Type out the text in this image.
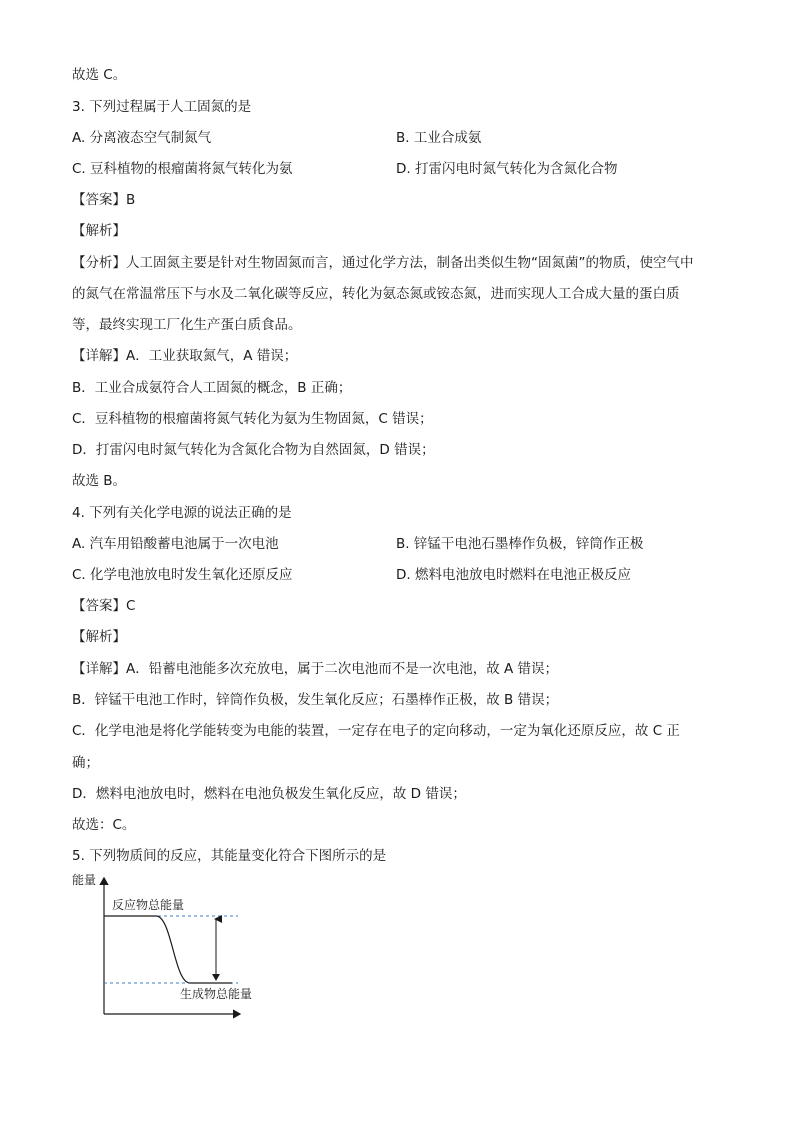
故选 C。
3. 下列过程属于人工固氮的是
A. 分离液态空气制氮气	B. 工业合成氨
C. 豆科植物的根瘤菌将氮气转化为氨	D. 打雷闪电时氮气转化为含氮化合物
【答案】B
【解析】
【分析】人工固氮主要是针对生物固氮而言，通过化学方法，制备出类似生物“固氮菌”的物质，使空气中
的氮气在常温常压下与水及二氧化碳等反应，转化为氨态氮或铵态氮，进而实现人工合成大量的蛋白质
等，最终实现工厂化生产蛋白质食品。
【详解】A．工业获取氮气，A 错误；
B．工业合成氨符合人工固氮的概念，B 正确；
C．豆科植物的根瘤菌将氮气转化为氨为生物固氮，C 错误；
D．打雷闪电时氮气转化为含氮化合物为自然固氮，D 错误；
故选 B。
4. 下列有关化学电源的说法正确的是
A. 汽车用铅酸蓄电池属于一次电池	B. 锌锰干电池石墨棒作负极，锌筒作正极
C. 化学电池放电时发生氧化还原反应	D. 燃料电池放电时燃料在电池正极反应
【答案】C
【解析】
【详解】A．铅蓄电池能多次充放电，属于二次电池而不是一次电池，故 A 错误；
B．锌锰干电池工作时，锌筒作负极，发生氧化反应；石墨棒作正极，故 B 错误；
C．化学电池是将化学能转变为电能的装置，一定存在电子的定向移动，一定为氧化还原反应，故 C 正
确；
D．燃料电池放电时，燃料在电池负极发生氧化反应，故 D 错误；
故选：C。
5. 下列物质间的反应，其能量变化符合下图所示的是
能量
反应物总能量
生成物总能量
